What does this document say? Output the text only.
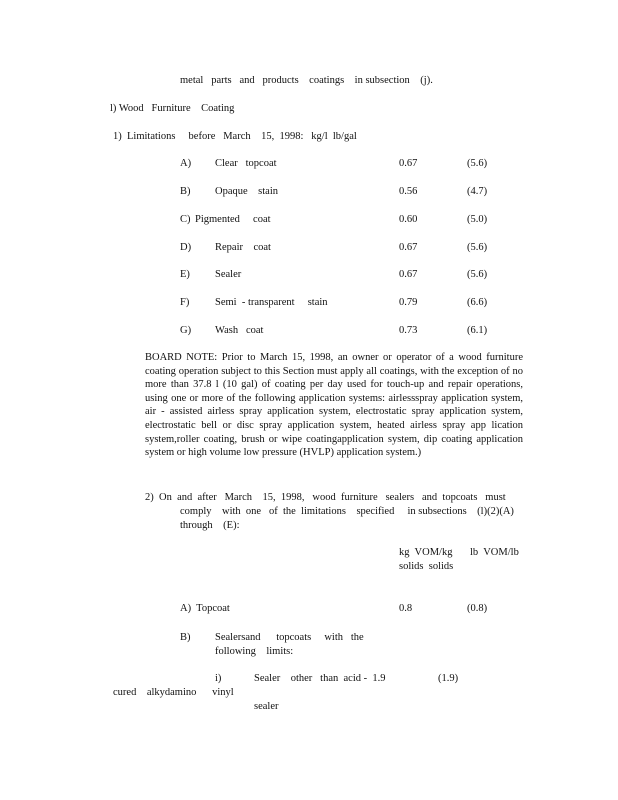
metal   parts   and   products    coatings    in subsection    (j).
l) Wood   Furniture    Coating
1)  Limitations     before   March    15,  1998:   kg/l  lb/gal
A) Clear   topcoat	0.67	(5.6)
B) Opaque    stain	0.56	(4.7)
C) Pigmented     coat	0.60	(5.0)
D) Repair    coat	0.67	(5.6)
E) Sealer	0.67	(5.6)
F) Semi  - transparent     stain	0.79	(6.6)
G) Wash   coat	0.73	(6.1)
BOARD NOTE: Prior to March 15, 1998, an owner or operator of a wood furniture coating operation subject to this Section must apply all coatings, with the exception of no more than 37.8 l (10 gal) of coating per day used for touch-up and repair operations, using one or more of the following application systems: airlessspray application system, air - assisted airless spray application system, electrostatic spray application system, electrostatic bell or disc spray application system, heated airless spray app lication system,roller coating, brush or wipe coatingapplication system, dip coating application system or high volume low pressure (HVLP) application system.)
2)  On  and  after   March    15,  1998,   wood  furniture   sealers   and  topcoats   must
comply    with  one   of  the  limitations    specified     in subsections    (l)(2)(A)
through    (E):
kg  VOM/kg
solids  solids
lb  VOM/lb
A)  Topcoat	0.8	(0.8)
B) Sealersand      topcoats     with   the
following    limits:
i)	Sealer    other   than  acid -  1.9	(1.9)
cured    alkydamino      vinyl
sealer
